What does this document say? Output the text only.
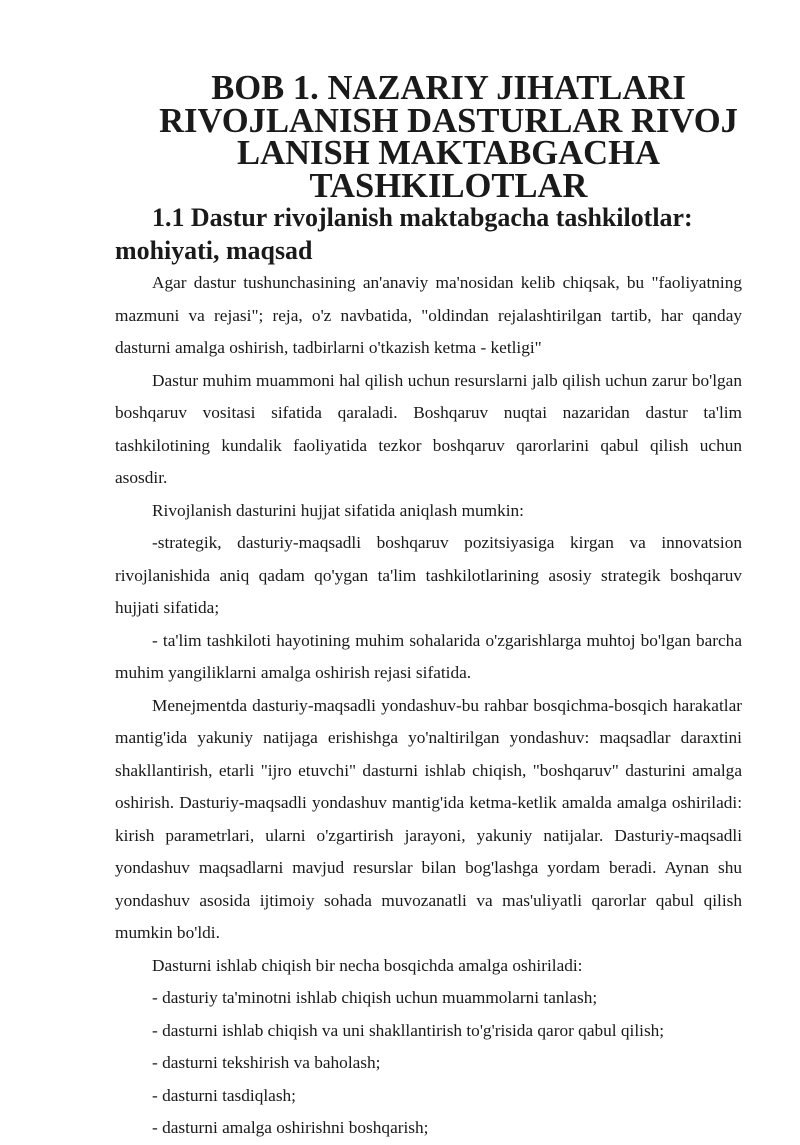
BOB 1. NAZARIY JIHATLARI RIVOJLANISH DASTURLAR RIVOJ
LANISH MAKTABGACHA TASHKILOTLAR
1.1 Dastur rivojlanish maktabgacha tashkilotlar: mohiyati, maqsad

Agar dastur tushunchasining an'anaviy ma'nosidan kelib chiqsak, bu "faoliyatning mazmuni va rejasi"; reja, o'z navbatida, "oldindan rejalashtirilgan tartib, har qanday dasturni amalga oshirish, tadbirlarni o'tkazish ketma - ketligi"

Dastur muhim muammoni hal qilish uchun resurslarni jalb qilish uchun zarur bo'lgan boshqaruv vositasi sifatida qaraladi. Boshqaruv nuqtai nazaridan dastur ta'lim tashkilotining kundalik faoliyatida tezkor boshqaruv qarorlarini qabul qilish uchun asosdir.

Rivojlanish dasturini hujjat sifatida aniqlash mumkin:

-strategik, dasturiy-maqsadli boshqaruv pozitsiyasiga kirgan va innovatsion rivojlanishida aniq qadam qo'ygan ta'lim tashkilotlarining asosiy strategik boshqaruv hujjati sifatida;

- ta'lim tashkiloti hayotining muhim sohalarida o'zgarishlarga muhtoj bo'lgan barcha muhim yangiliklarni amalga oshirish rejasi sifatida.

Menejmentda dasturiy-maqsadli yondashuv-bu rahbar bosqichma-bosqich harakatlar mantig'ida yakuniy natijaga erishishga yo'naltirilgan yondashuv: maqsadlar daraxtini shakllantirish, etarli "ijro etuvchi" dasturni ishlab chiqish, "boshqaruv" dasturini amalga oshirish. Dasturiy-maqsadli yondashuv mantig'ida ketma-ketlik amalda amalga oshiriladi: kirish parametrlari, ularni o'zgartirish jarayoni, yakuniy natijalar. Dasturiy-maqsadli yondashuv maqsadlarni mavjud resurslar bilan bog'lashga yordam beradi. Aynan shu yondashuv asosida ijtimoiy sohada muvozanatli va mas'uliyatli qarorlar qabul qilish mumkin bo'ldi.

Dasturni ishlab chiqish bir necha bosqichda amalga oshiriladi:

- dasturiy ta'minotni ishlab chiqish uchun muammolarni tanlash;

- dasturni ishlab chiqish va uni shakllantirish to'g'risida qaror qabul qilish;

- dasturni tekshirish va baholash;

- dasturni tasdiqlash;

- dasturni amalga oshirishni boshqarish;
